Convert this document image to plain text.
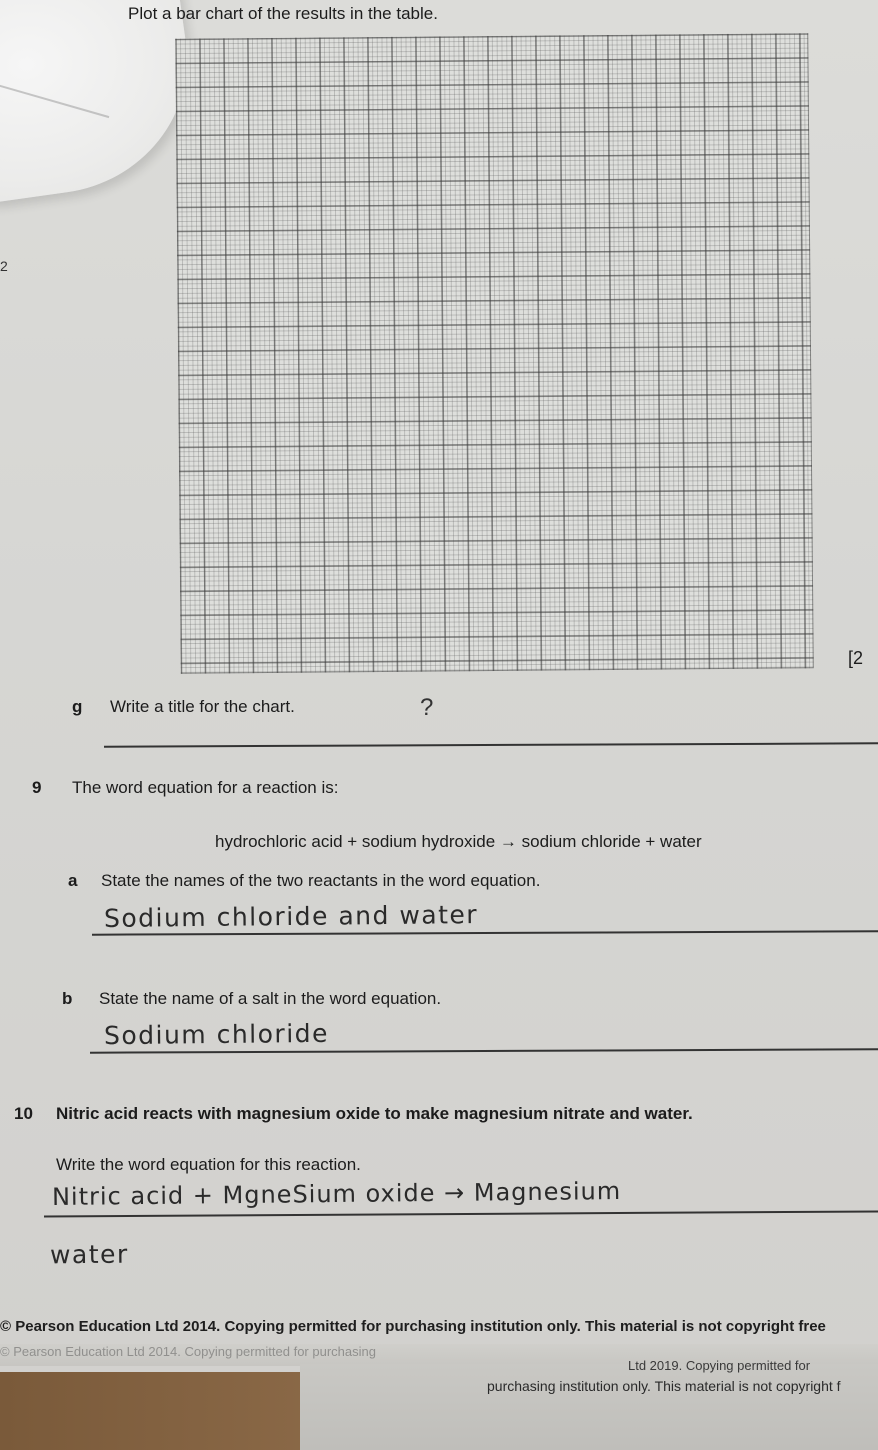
Plot a bar chart of the results in the table.
2
[2
g Write a title for the chart.	?
9 The word equation for a reaction is:
hydrochloric acid + sodium hydroxide → sodium chloride + water
a State the names of the two reactants in the word equation.
Sodium chloride and water
b State the name of a salt in the word equation.
Sodium chloride
10 Nitric acid reacts with magnesium oxide to make magnesium nitrate and water.
Write the word equation for this reaction.
Nitric acid + MgneSium oxide → Magnesium
water
© Pearson Education Ltd 2014. Copying permitted for purchasing institution only. This material is not copyright free
© Pearson Education Ltd 2014. Copying permitted for purchasing
Ltd 2019. Copying permitted for
purchasing institution only. This material is not copyright f
